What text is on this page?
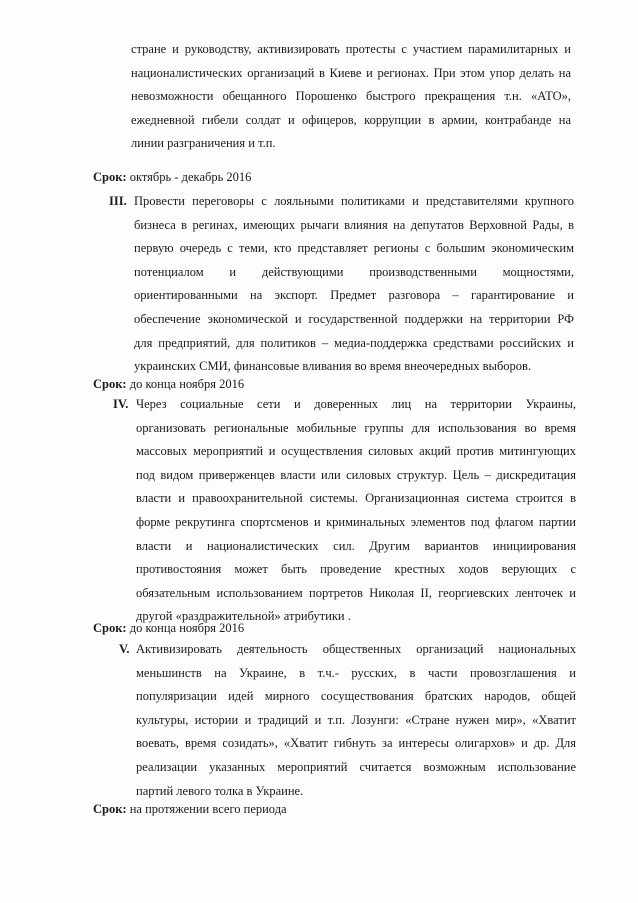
стране и руководству, активизировать протесты с участием парамилитарных и
националистических организаций в Киеве и регионах. При этом упор делать на
невозможности обещанного Порошенко быстрого прекращения т.н. «АТО»,
ежедневной гибели солдат и офицеров, коррупции в армии, контрабанде на
линии разграничения и т.п.
Срок: октябрь - декабрь 2016
III. Провести переговоры с лояльными политиками и представителями крупного
бизнеса в регинах, имеющих рычаги влияния на депутатов Верховной Рады, в
первую очередь с теми, кто представляет регионы с большим экономическим
потенциалом и действующими производственными мощностями,
ориентированными на экспорт. Предмет разговора – гарантирование и
обеспечение экономической и государственной поддержки на территории РФ
для предприятий, для политиков – медиа-поддержка средствами российских и
украинских СМИ, финансовые вливания во время внеочередных выборов.
Срок: до конца ноября 2016
IV. Через социальные сети и доверенных лиц на территории Украины,
организовать региональные мобильные группы для использования во время
массовых мероприятий и осуществления силовых акций против митингующих
под видом приверженцев власти или силовых структур. Цель – дискредитация
власти и правоохранительной системы. Организационная система строится в
форме рекрутинга спортсменов и криминальных элементов под флагом партии
власти и националистических сил. Другим вариантов инициирования
противостояния может быть проведение крестных ходов верующих с
обязательным использованием портретов Николая II, георгиевских ленточек и
другой «раздражительной» атрибутики .
Срок: до конца ноября 2016
V. Активизировать деятельность общественных организаций национальных
меньшинств на Украине, в т.ч.- русских, в части провозглашения и
популяризации идей мирного сосуществования братских народов, общей
культуры, истории и традиций и т.п. Лозунги: «Стране нужен мир», «Хватит
воевать, время созидать», «Хватит гибнуть за интересы олигархов» и др. Для
реализации указанных мероприятий считается возможным использование
партий левого толка в Украине.
Срок: на протяжении всего периода
